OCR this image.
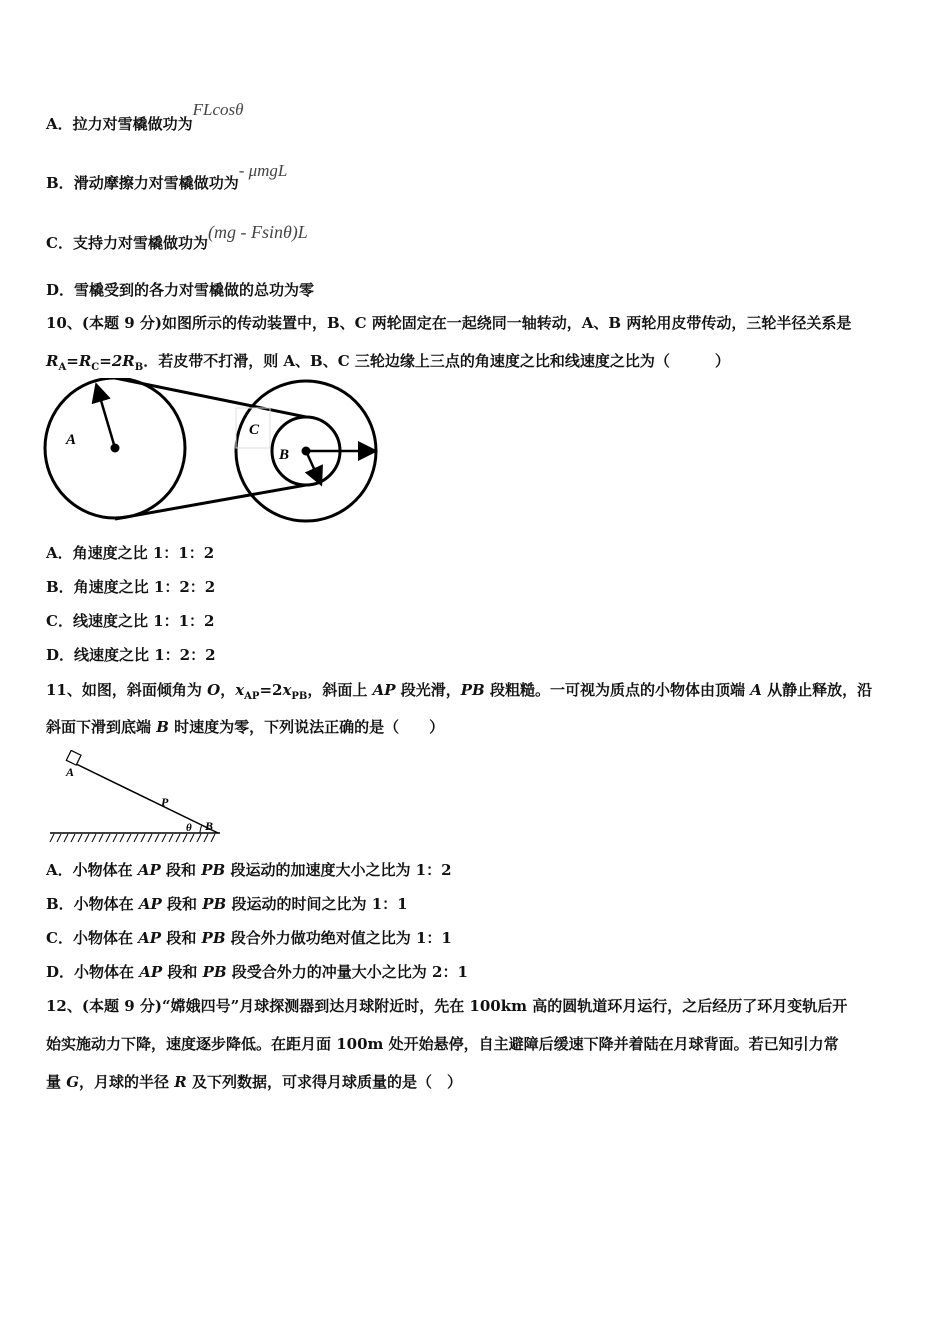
A．拉力对雪橇做功为FLcosθ
B．滑动摩擦力对雪橇做功为- μmgL
C．支持力对雪橇做功为(mg - Fsinθ)L
D．雪橇受到的各力对雪橇做的总功为零
10、(本题 9 分)如图所示的传动装置中，B、C 两轮固定在一起绕同一轴转动，A、B 两轮用皮带传动，三轮半径关系是
$R_A=R_C=2R_B$．若皮带不打滑，则 A、B、C 三轮边缘上三点的角速度之比和线速度之比为（　　　）
A
C
B
A．角速度之比 1：1：2
B．角速度之比 1：2：2
C．线速度之比 1：1：2
D．线速度之比 1：2：2
11、如图，斜面倾角为 O，$x_{AP}=2x_{PB}$，斜面上 AP 段光滑，PB 段粗糙。一可视为质点的小物体由顶端 A 从静止释放，沿
斜面下滑到底端 B 时速度为零，下列说法正确的是（　　）
A
P
θ B
A．小物体在 AP 段和 PB 段运动的加速度大小之比为 1：2
B．小物体在 AP 段和 PB 段运动的时间之比为 1：1
C．小物体在 AP 段和 PB 段合外力做功绝对值之比为 1：1
D．小物体在 AP 段和 PB 段受合外力的冲量大小之比为 2：1
12、(本题 9 分)“嫦娥四号”月球探测器到达月球附近时，先在 100km 高的圆轨道环月运行，之后经历了环月变轨后开
始实施动力下降，速度逐步降低。在距月面 100m 处开始悬停，自主避障后缓速下降并着陆在月球背面。若已知引力常
量 G，月球的半径 R 及下列数据，可求得月球质量的是（　）
